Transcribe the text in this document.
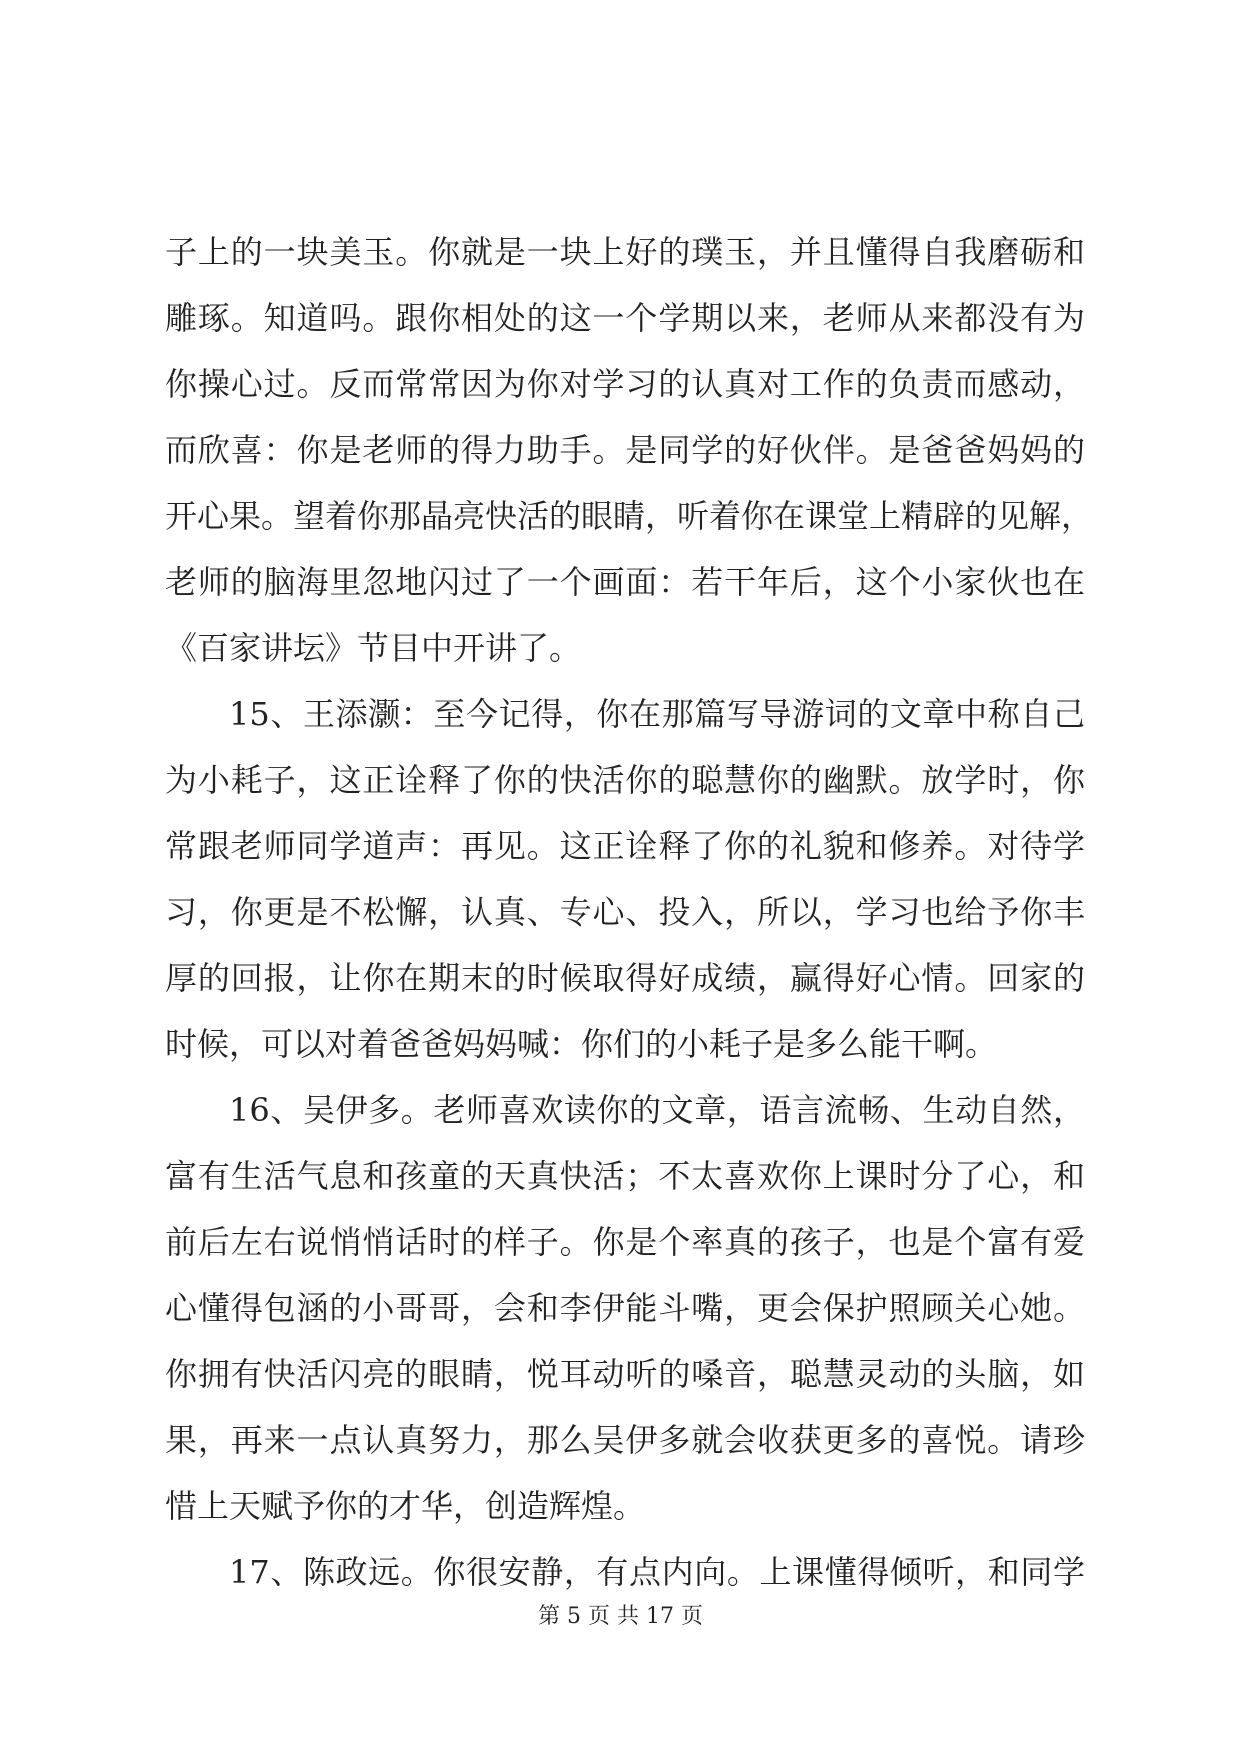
子上的一块美玉。你就是一块上好的璞玉，并且懂得自我磨砺和
雕琢。知道吗。跟你相处的这一个学期以来，老师从来都没有为
你操心过。反而常常因为你对学习的认真对工作的负责而感动，
而欣喜：你是老师的得力助手。是同学的好伙伴。是爸爸妈妈的
开心果。望着你那晶亮快活的眼睛，听着你在课堂上精辟的见解，
老师的脑海里忽地闪过了一个画面：若干年后，这个小家伙也在
《百家讲坛》节目中开讲了。
15、王添灏：至今记得，你在那篇写导游词的文章中称自己
为小耗子，这正诠释了你的快活你的聪慧你的幽默。放学时，你
常跟老师同学道声：再见。这正诠释了你的礼貌和修养。对待学
习，你更是不松懈，认真、专心、投入，所以，学习也给予你丰
厚的回报，让你在期末的时候取得好成绩，赢得好心情。回家的
时候，可以对着爸爸妈妈喊：你们的小耗子是多么能干啊。
16、吴伊多。老师喜欢读你的文章，语言流畅、生动自然，
富有生活气息和孩童的天真快活；不太喜欢你上课时分了心，和
前后左右说悄悄话时的样子。你是个率真的孩子，也是个富有爱
心懂得包涵的小哥哥，会和李伊能斗嘴，更会保护照顾关心她。
你拥有快活闪亮的眼睛，悦耳动听的嗓音，聪慧灵动的头脑，如
果，再来一点认真努力，那么吴伊多就会收获更多的喜悦。请珍
惜上天赋予你的才华，创造辉煌。
17、陈政远。你很安静，有点内向。上课懂得倾听，和同学
第 5 页 共 17 页
